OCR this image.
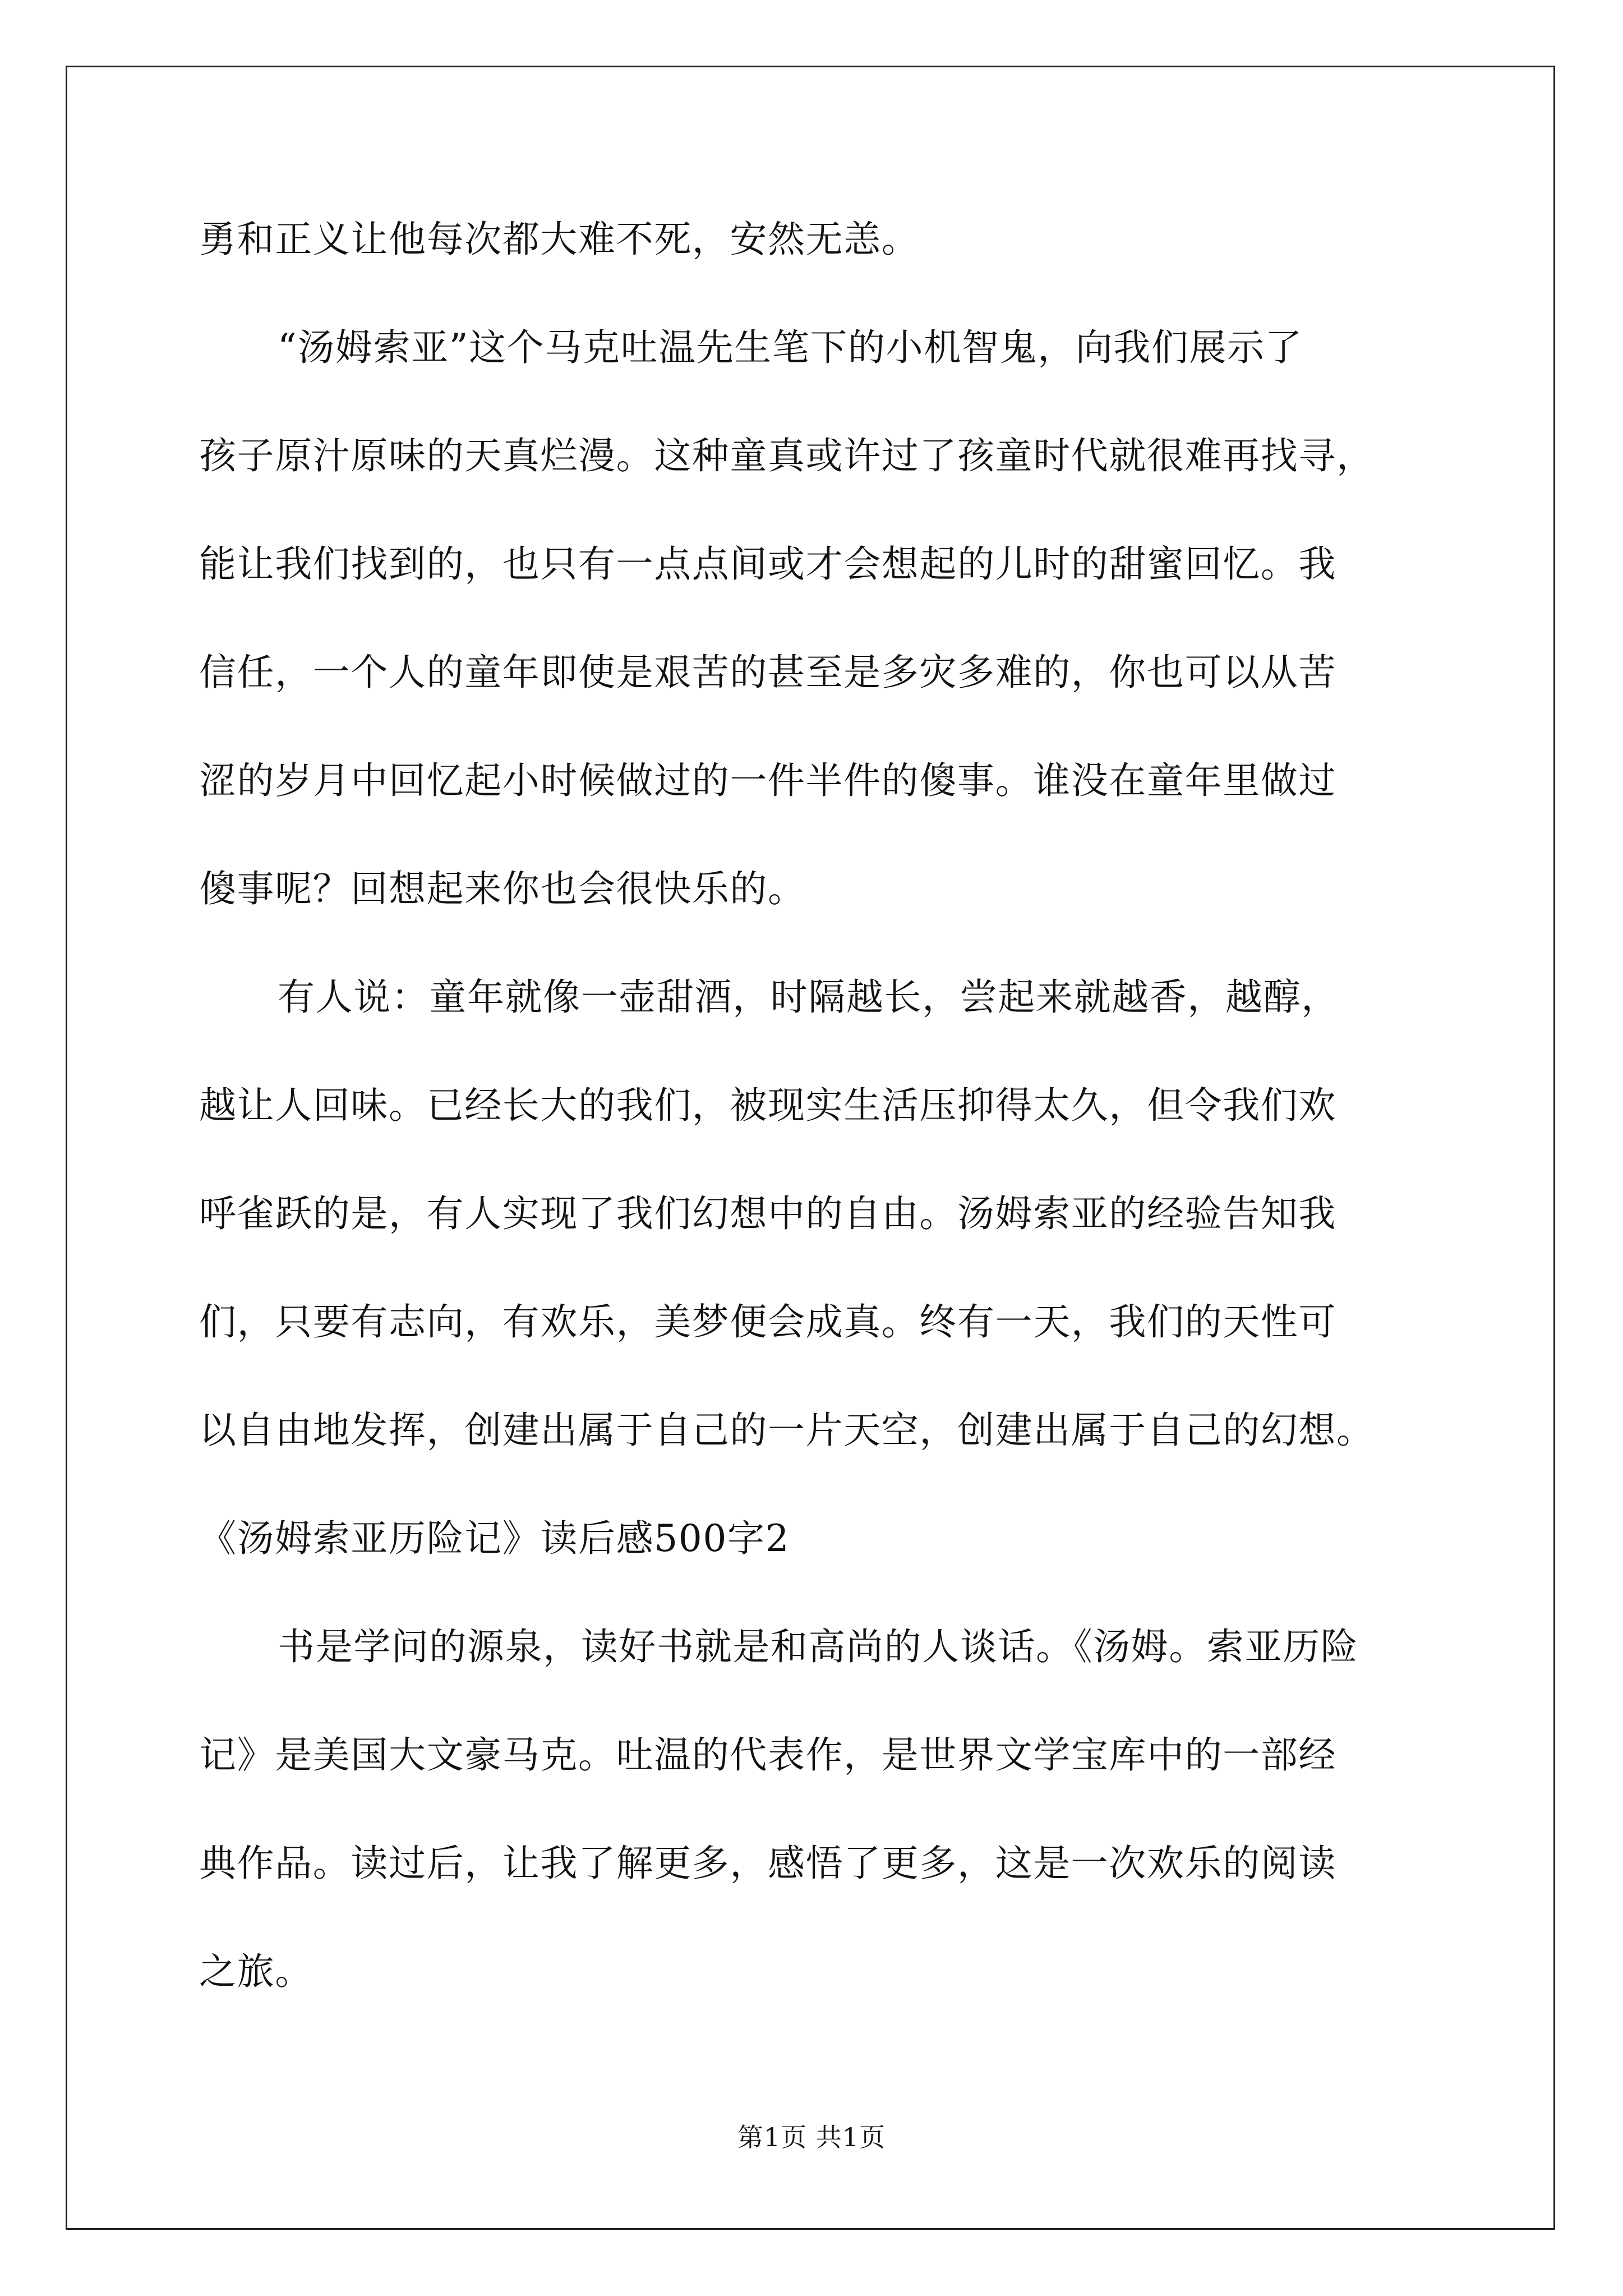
勇和正义让他每次都大难不死，安然无恙。
“汤姆索亚”这个马克吐温先生笔下的小机智鬼，向我们展示了
孩子原汁原味的天真烂漫。这种童真或许过了孩童时代就很难再找寻，
能让我们找到的，也只有一点点间或才会想起的儿时的甜蜜回忆。我
信任，一个人的童年即使是艰苦的甚至是多灾多难的，你也可以从苦
涩的岁月中回忆起小时候做过的一件半件的傻事。谁没在童年里做过
傻事呢？回想起来你也会很快乐的。
有人说：童年就像一壶甜酒，时隔越长，尝起来就越香，越醇，
越让人回味。已经长大的我们，被现实生活压抑得太久，但令我们欢
呼雀跃的是，有人实现了我们幻想中的自由。汤姆索亚的经验告知我
们，只要有志向，有欢乐，美梦便会成真。终有一天，我们的天性可
以自由地发挥，创建出属于自己的一片天空，创建出属于自己的幻想。
《汤姆索亚历险记》读后感500字2
书是学问的源泉，读好书就是和高尚的人谈话。《汤姆。索亚历险
记》是美国大文豪马克。吐温的代表作，是世界文学宝库中的一部经
典作品。读过后，让我了解更多，感悟了更多，这是一次欢乐的阅读
之旅。
第1页 共1页
